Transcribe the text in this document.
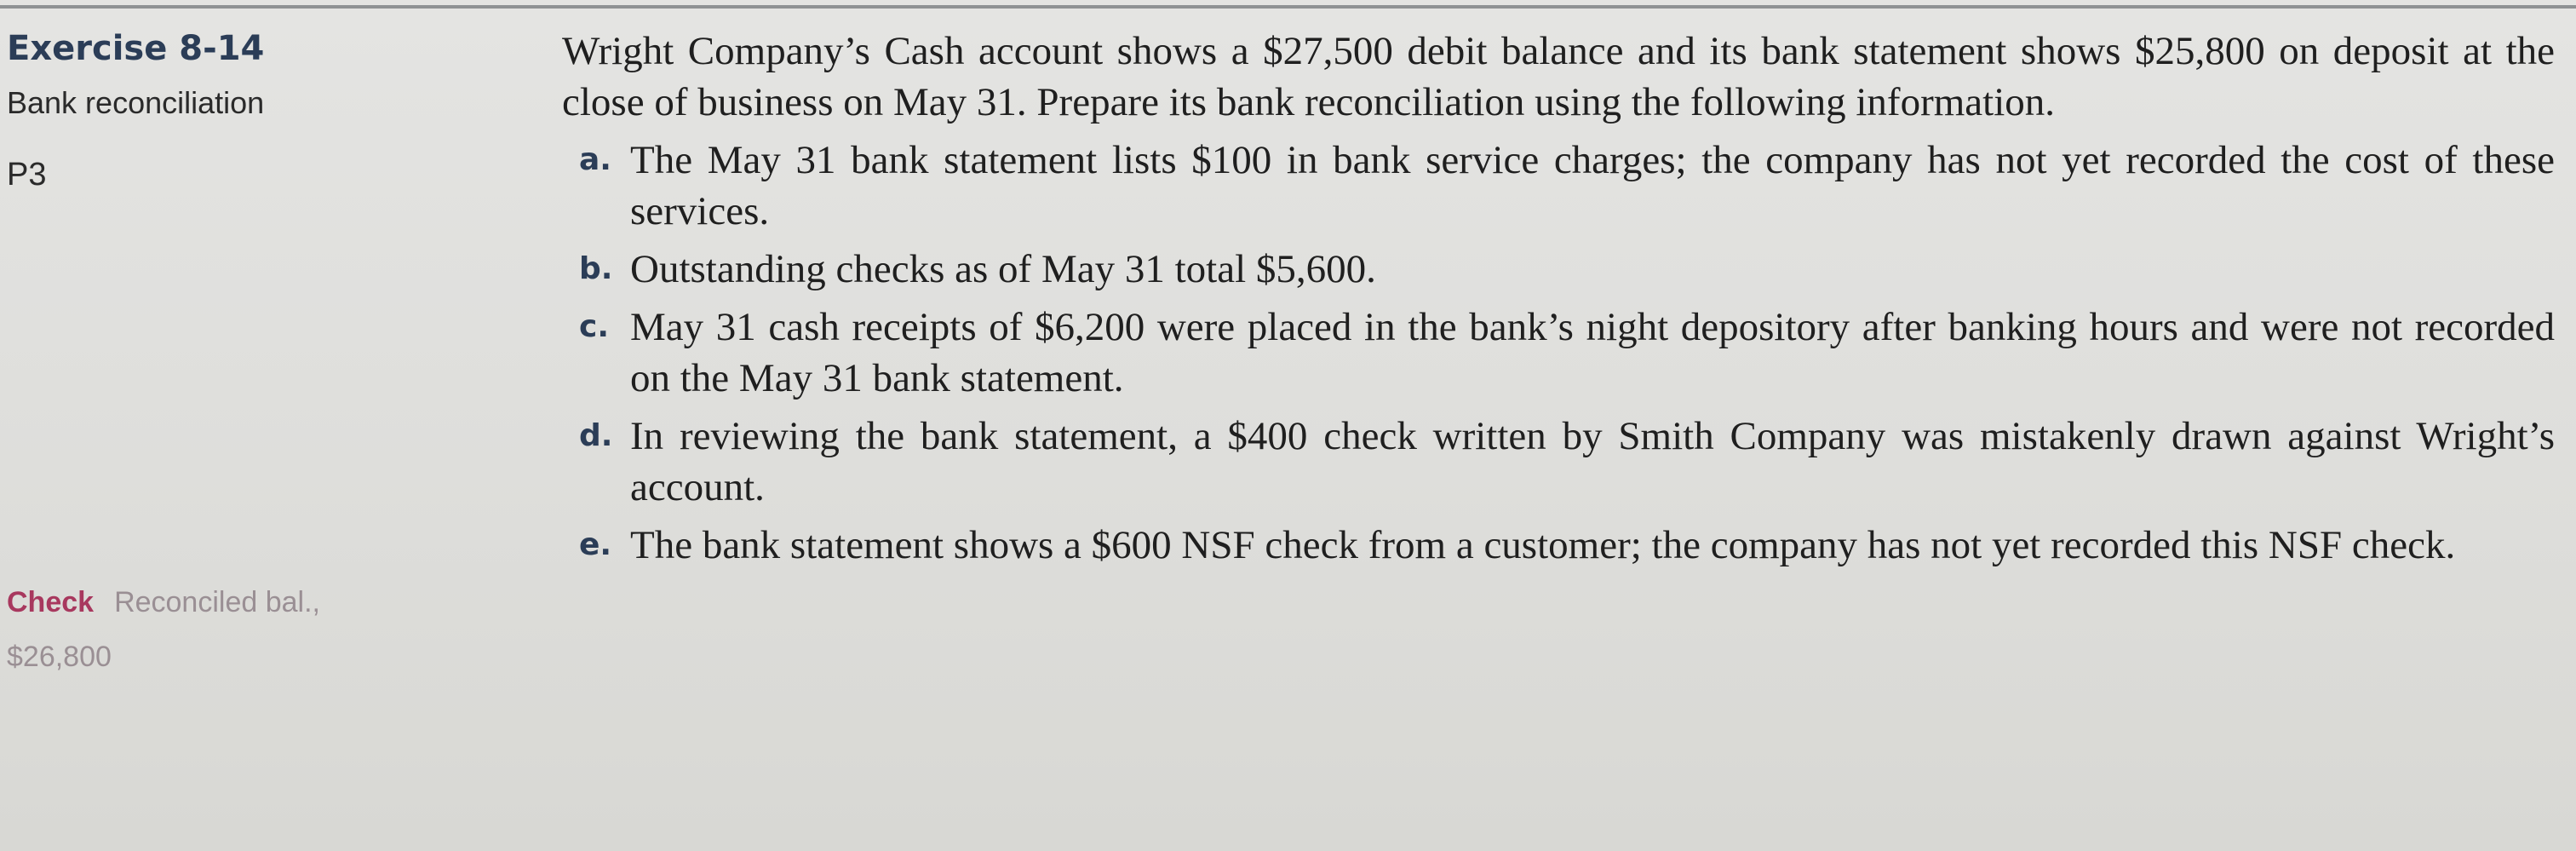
Exercise 8-14
Bank reconciliation
P3
Check Reconciled bal.,
$26,800

Wright Company’s Cash account shows a $27,500 debit balance and its bank statement shows $25,800 on deposit at the close of business on May 31. Prepare its bank reconciliation using the following information.

a. The May 31 bank statement lists $100 in bank service charges; the company has not yet recorded the cost of these services.
b. Outstanding checks as of May 31 total $5,600.
c. May 31 cash receipts of $6,200 were placed in the bank’s night depository after banking hours and were not recorded on the May 31 bank statement.
d. In reviewing the bank statement, a $400 check written by Smith Company was mistakenly drawn against Wright’s account.
e. The bank statement shows a $600 NSF check from a customer; the company has not yet recorded this NSF check.
